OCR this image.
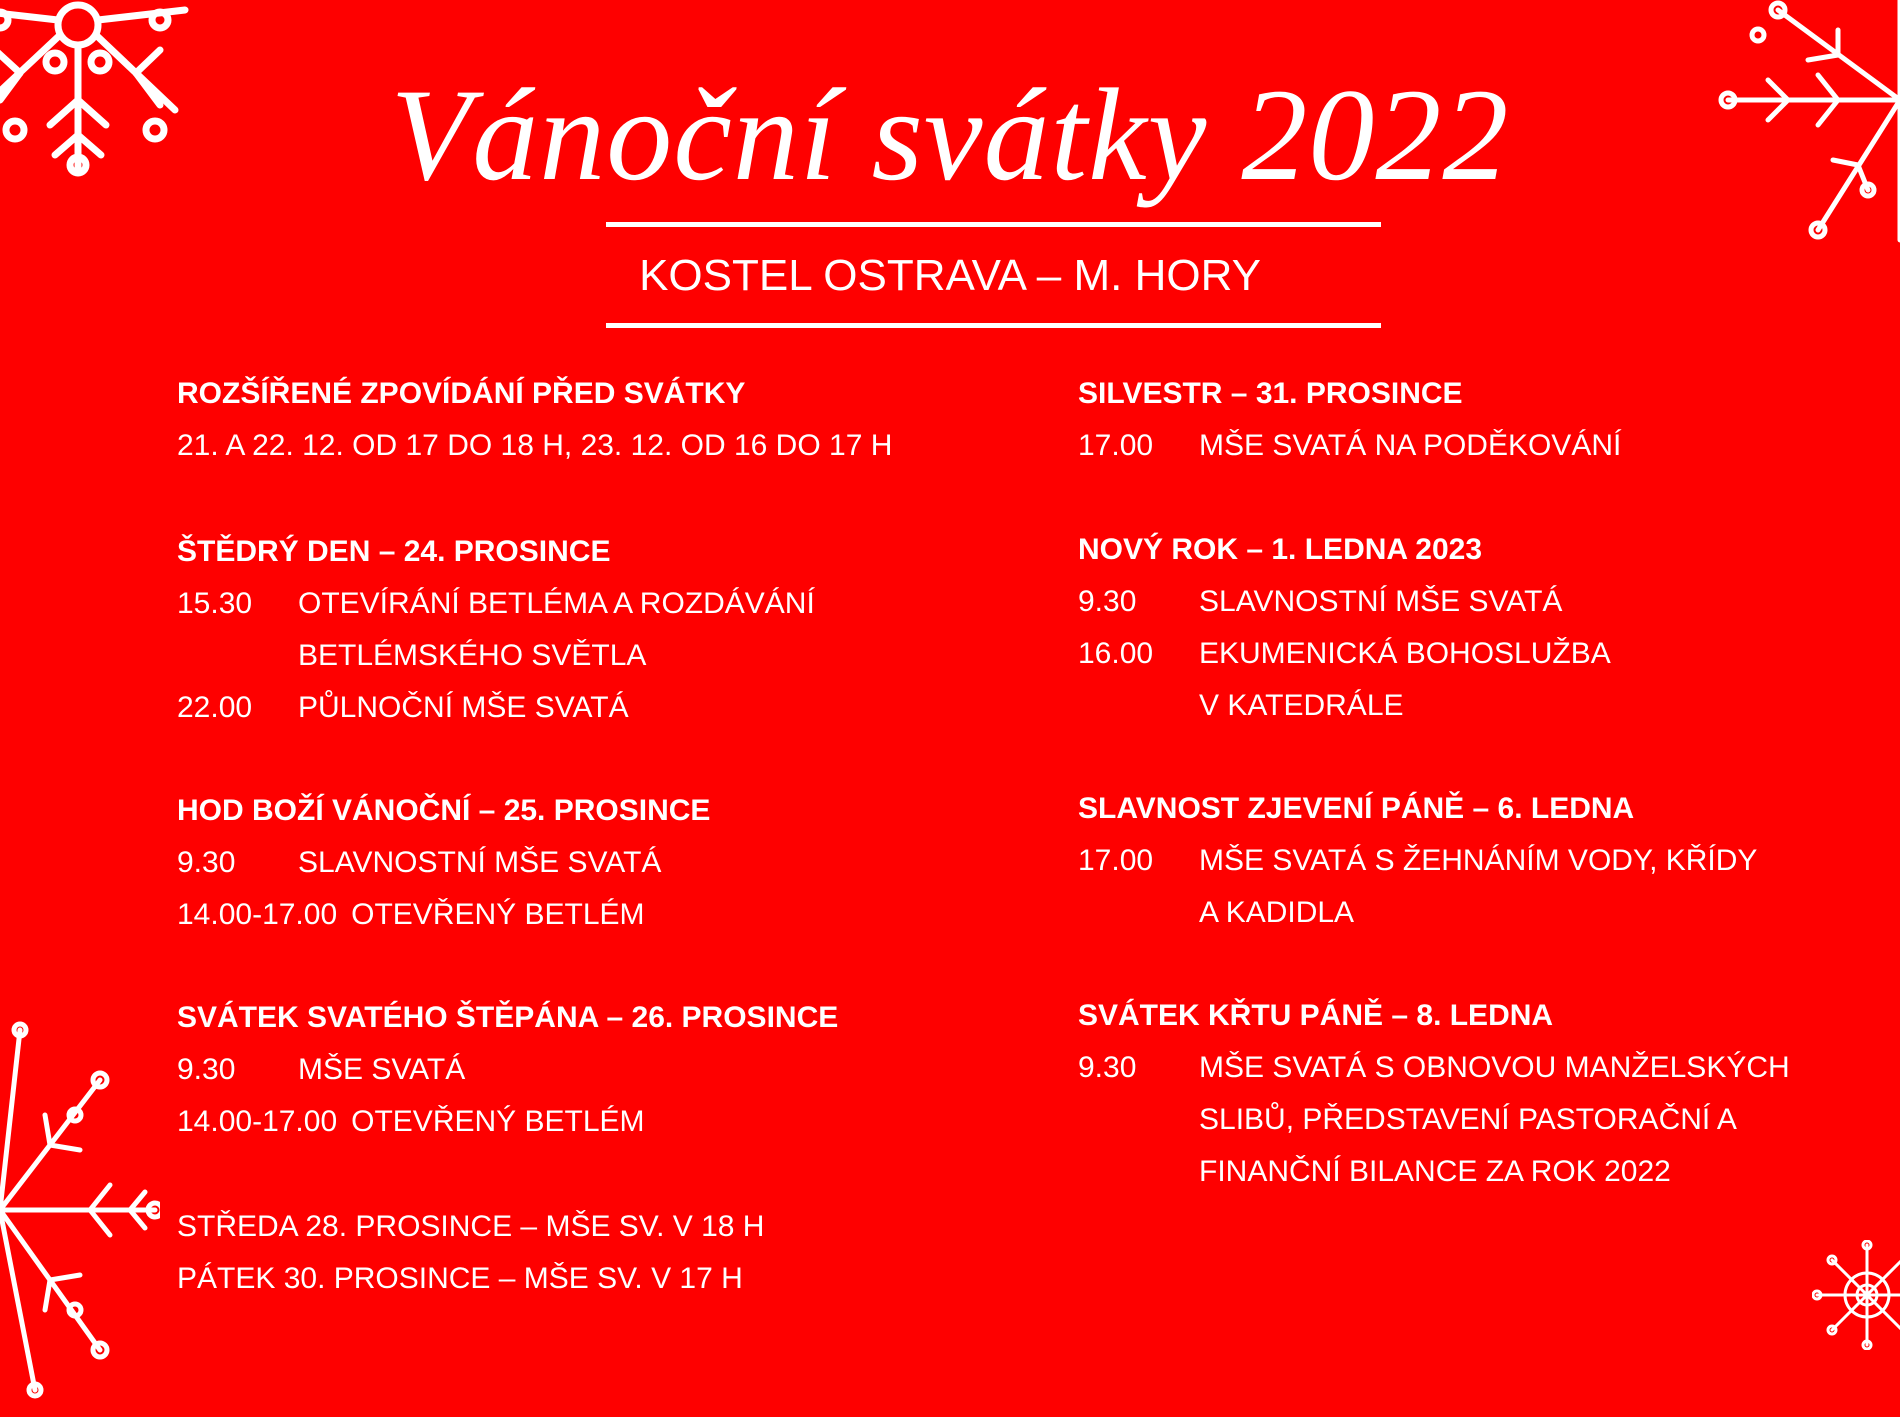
Vánoční svátky 2022
KOSTEL OSTRAVA – M. HORY
ROZŠÍŘENÉ ZPOVÍDÁNÍ PŘED SVÁTKY
21. A 22. 12. OD 17 DO 18 H, 23. 12. OD 16 DO 17 H
ŠTĚDRÝ DEN – 24. PROSINCE
15.30	OTEVÍRÁNÍ BETLÉMA A ROZDÁVÁNÍ
BETLÉMSKÉHO SVĚTLA
22.00	PŮLNOČNÍ MŠE SVATÁ
HOD BOŽÍ VÁNOČNÍ – 25. PROSINCE
9.30	SLAVNOSTNÍ MŠE SVATÁ
14.00-17.00 OTEVŘENÝ BETLÉM
SVÁTEK SVATÉHO ŠTĚPÁNA – 26. PROSINCE
9.30	MŠE SVATÁ
14.00-17.00 OTEVŘENÝ BETLÉM
STŘEDA 28. PROSINCE – MŠE SV. V 18 H
PÁTEK 30. PROSINCE – MŠE SV. V 17 H
SILVESTR – 31. PROSINCE
17.00	MŠE SVATÁ NA PODĚKOVÁNÍ
NOVÝ ROK – 1. LEDNA 2023
9.30	SLAVNOSTNÍ MŠE SVATÁ
16.00	EKUMENICKÁ BOHOSLUŽBA
V KATEDRÁLE
SLAVNOST ZJEVENÍ PÁNĚ – 6. LEDNA
17.00	MŠE SVATÁ S ŽEHNÁNÍM VODY, KŘÍDY
A KADIDLA
SVÁTEK KŘTU PÁNĚ – 8. LEDNA
9.30	MŠE SVATÁ S OBNOVOU MANŽELSKÝCH
SLIBŮ, PŘEDSTAVENÍ PASTORAČNÍ A
FINANČNÍ BILANCE ZA ROK 2022
